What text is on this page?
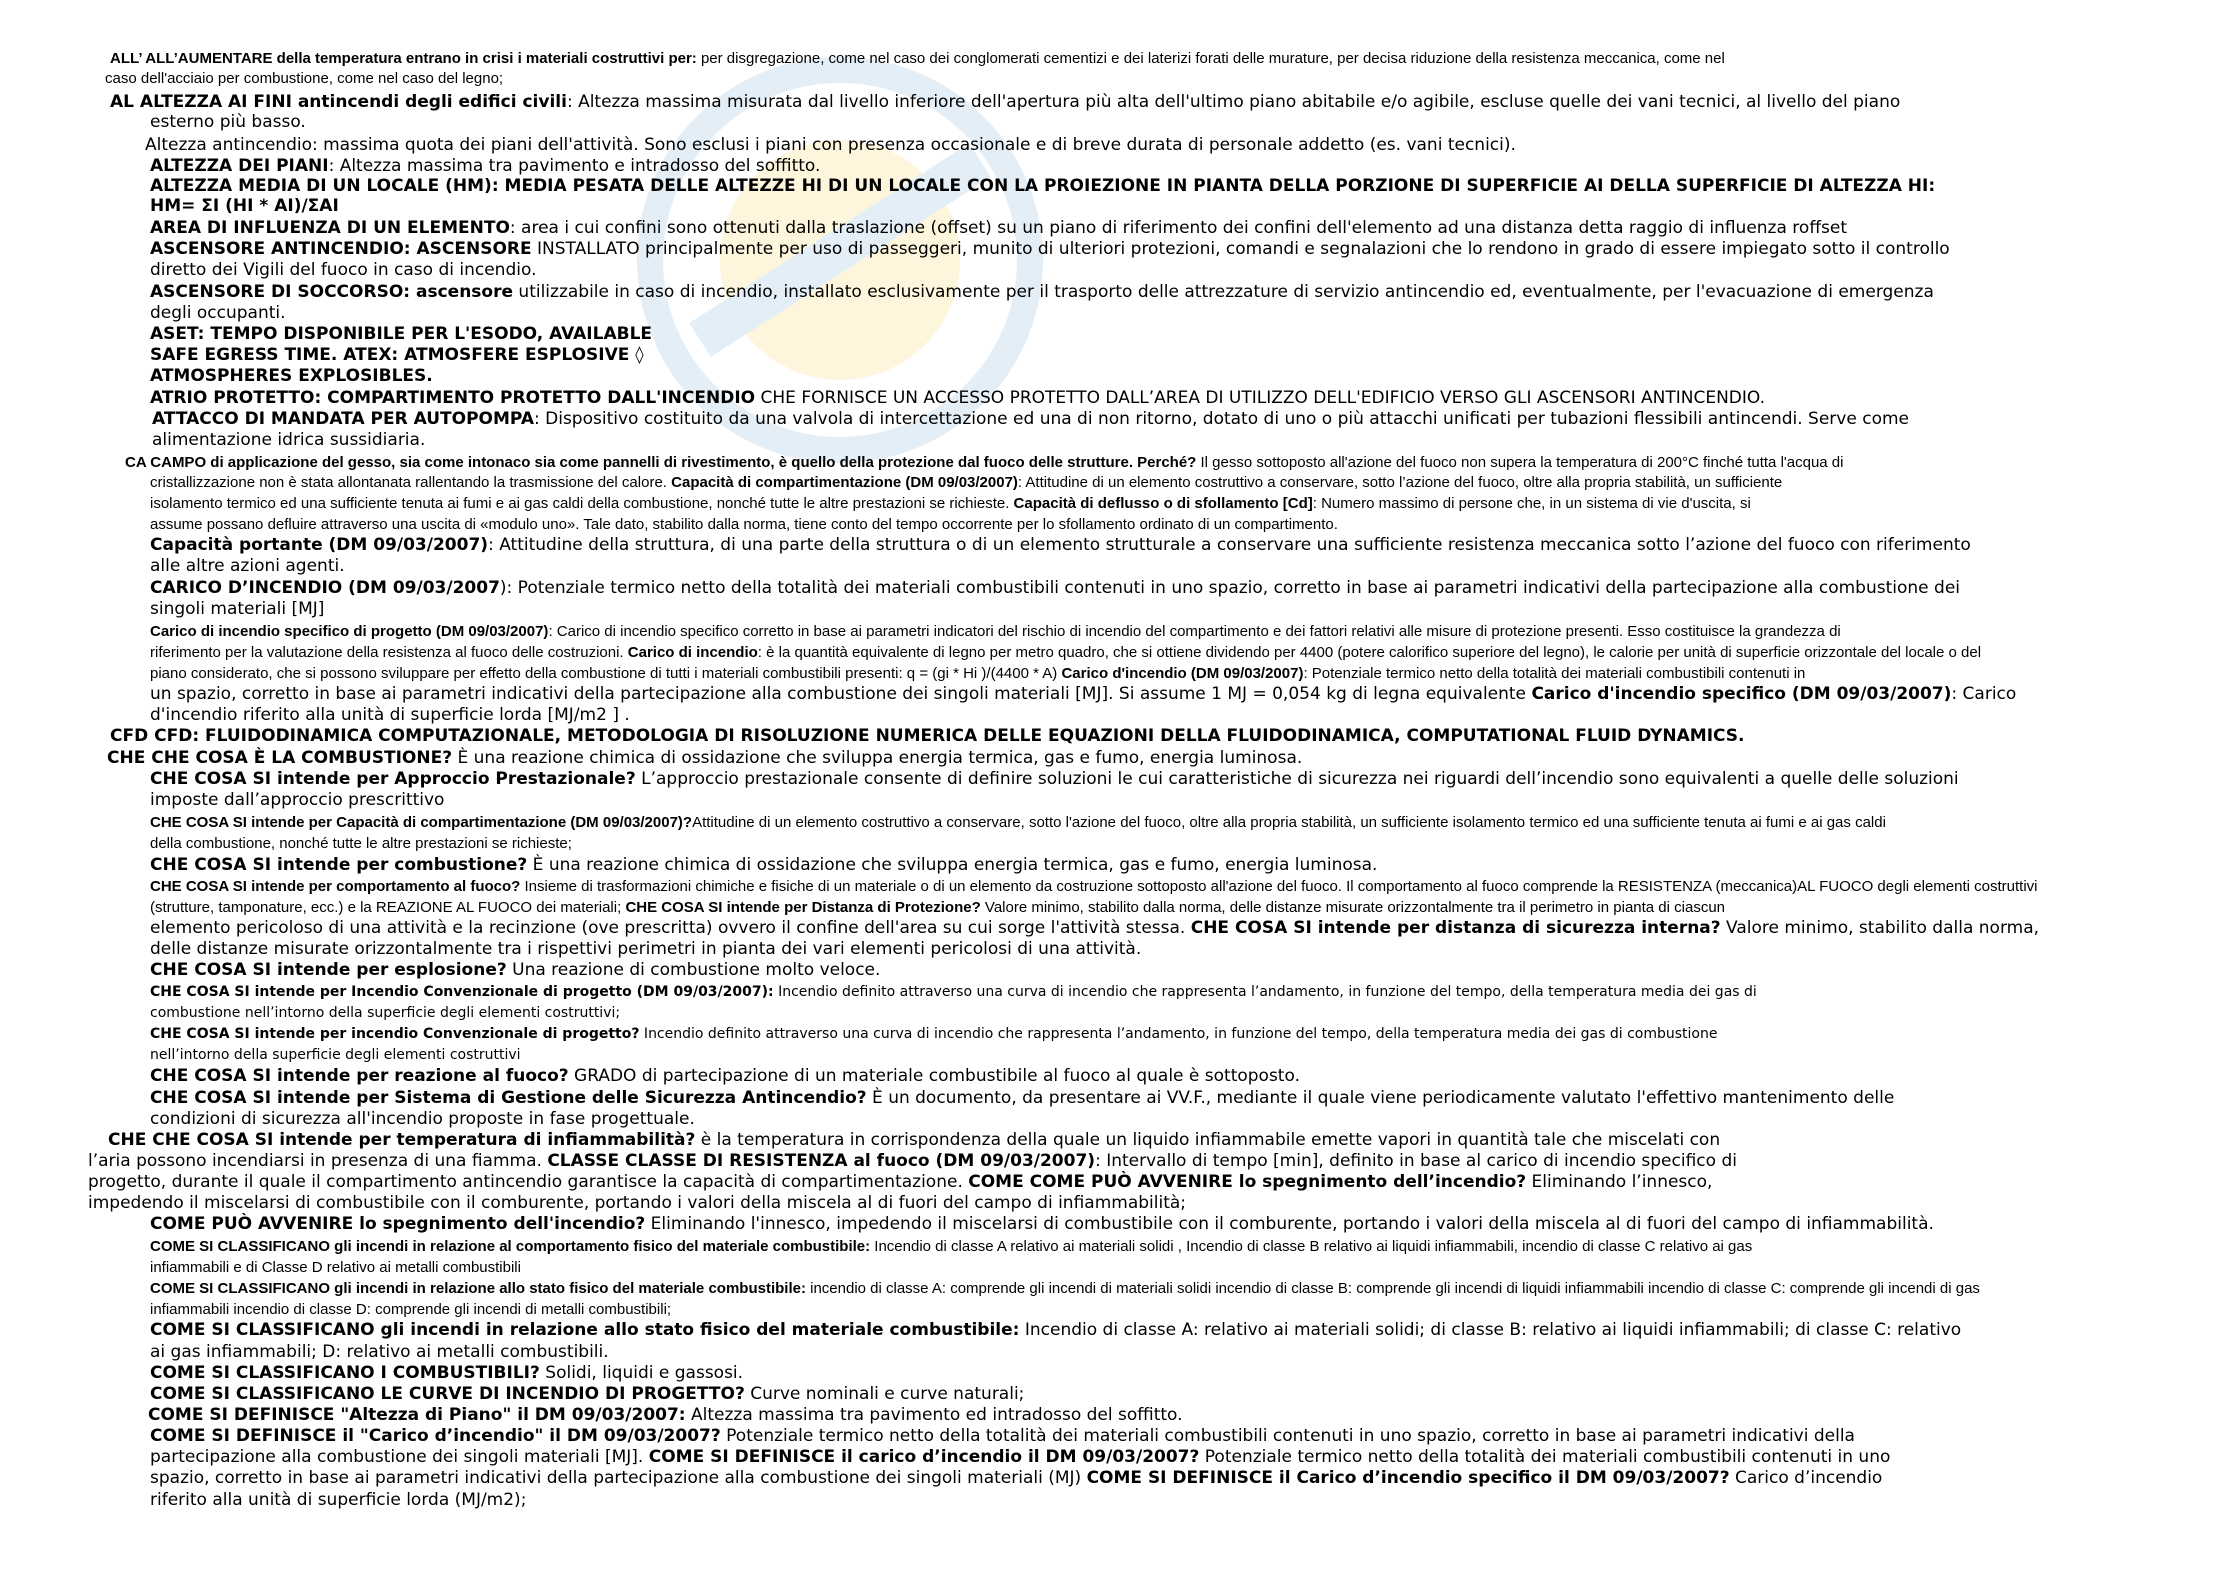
ALL’ ALL’AUMENTARE della temperatura entrano in crisi i materiali costruttivi per: per disgregazione, come nel caso dei conglomerati cementizi e dei laterizi forati delle murature, per decisa riduzione della resistenza meccanica, come nel
caso dell'acciaio per combustione, come nel caso del legno;
AL ALTEZZA AI FINI antincendi degli edifici civili: Altezza massima misurata dal livello inferiore dell'apertura più alta dell'ultimo piano abitabile e/o agibile, escluse quelle dei vani tecnici, al livello del piano
esterno più basso.
Altezza antincendio: massima quota dei piani dell'attività. Sono esclusi i piani con presenza occasionale e di breve durata di personale addetto (es. vani tecnici).
ALTEZZA DEI PIANI: Altezza massima tra pavimento e intradosso del soffitto.
ALTEZZA MEDIA DI UN LOCALE (HM): MEDIA PESATA DELLE ALTEZZE HI DI UN LOCALE CON LA PROIEZIONE IN PIANTA DELLA PORZIONE DI SUPERFICIE AI DELLA SUPERFICIE DI ALTEZZA HI:
HM= ΣI (HI * AI)/ΣAI
AREA DI INFLUENZA DI UN ELEMENTO: area i cui confini sono ottenuti dalla traslazione (offset) su un piano di riferimento dei confini dell'elemento ad una distanza detta raggio di influenza roffset
ASCENSORE ANTINCENDIO: ASCENSORE INSTALLATO principalmente per uso di passeggeri, munito di ulteriori protezioni, comandi e segnalazioni che lo rendono in grado di essere impiegato sotto il controllo
diretto dei Vigili del fuoco in caso di incendio.
ASCENSORE DI SOCCORSO: ascensore utilizzabile in caso di incendio, installato esclusivamente per il trasporto delle attrezzature di servizio antincendio ed, eventualmente, per l'evacuazione di emergenza
degli occupanti.
ASET: TEMPO DISPONIBILE PER L'ESODO, AVAILABLE
SAFE EGRESS TIME. ATEX: ATMOSFERE ESPLOSIVE ◊
ATMOSPHERES EXPLOSIBLES.
ATRIO PROTETTO: COMPARTIMENTO PROTETTO DALL'INCENDIO CHE FORNISCE UN ACCESSO PROTETTO DALL’AREA DI UTILIZZO DELL'EDIFICIO VERSO GLI ASCENSORI ANTINCENDIO.
ATTACCO DI MANDATA PER AUTOPOMPA: Dispositivo costituito da una valvola di intercettazione ed una di non ritorno, dotato di uno o più attacchi unificati per tubazioni flessibili antincendi. Serve come
alimentazione idrica sussidiaria.
CA CAMPO di applicazione del gesso, sia come intonaco sia come pannelli di rivestimento, è quello della protezione dal fuoco delle strutture. Perché? Il gesso sottoposto all'azione del fuoco non supera la temperatura di 200°C finché tutta l'acqua di
cristallizzazione non è stata allontanata rallentando la trasmissione del calore. Capacità di compartimentazione (DM 09/03/2007): Attitudine di un elemento costruttivo a conservare, sotto l’azione del fuoco, oltre alla propria stabilità, un sufficiente
isolamento termico ed una sufficiente tenuta ai fumi e ai gas caldi della combustione, nonché tutte le altre prestazioni se richieste. Capacità di deflusso o di sfollamento [Cd]: Numero massimo di persone che, in un sistema di vie d'uscita, si
assume possano defluire attraverso una uscita di «modulo uno». Tale dato, stabilito dalla norma, tiene conto del tempo occorrente per lo sfollamento ordinato di un compartimento.
Capacità portante (DM 09/03/2007): Attitudine della struttura, di una parte della struttura o di un elemento strutturale a conservare una sufficiente resistenza meccanica sotto l’azione del fuoco con riferimento
alle altre azioni agenti.
CARICO D’INCENDIO (DM 09/03/2007): Potenziale termico netto della totalità dei materiali combustibili contenuti in uno spazio, corretto in base ai parametri indicativi della partecipazione alla combustione dei
singoli materiali [MJ]
Carico di incendio specifico di progetto (DM 09/03/2007): Carico di incendio specifico corretto in base ai parametri indicatori del rischio di incendio del compartimento e dei fattori relativi alle misure di protezione presenti. Esso costituisce la grandezza di
riferimento per la valutazione della resistenza al fuoco delle costruzioni. Carico di incendio: è la quantità equivalente di legno per metro quadro, che si ottiene dividendo per 4400 (potere calorifico superiore del legno), le calorie per unità di superficie orizzontale del locale o del
piano considerato, che si possono sviluppare per effetto della combustione di tutti i materiali combustibili presenti: q = (gi * Hi )/(4400 * A) Carico d'incendio (DM 09/03/2007): Potenziale termico netto della totalità dei materiali combustibili contenuti in
un spazio, corretto in base ai parametri indicativi della partecipazione alla combustione dei singoli materiali [MJ]. Si assume 1 MJ = 0,054 kg di legna equivalente Carico d'incendio specifico (DM 09/03/2007): Carico
d'incendio riferito alla unità di superficie lorda [MJ/m2 ] .
CFD CFD: FLUIDODINAMICA COMPUTAZIONALE, METODOLOGIA DI RISOLUZIONE NUMERICA DELLE EQUAZIONI DELLA FLUIDODINAMICA, COMPUTATIONAL FLUID DYNAMICS.
CHE CHE COSA È LA COMBUSTIONE? È una reazione chimica di ossidazione che sviluppa energia termica, gas e fumo, energia luminosa.
CHE COSA SI intende per Approccio Prestazionale? L’approccio prestazionale consente di definire soluzioni le cui caratteristiche di sicurezza nei riguardi dell’incendio sono equivalenti a quelle delle soluzioni
imposte dall’approccio prescrittivo
CHE COSA SI intende per Capacità di compartimentazione (DM 09/03/2007)?Attitudine di un elemento costruttivo a conservare, sotto l'azione del fuoco, oltre alla propria stabilità, un sufficiente isolamento termico ed una sufficiente tenuta ai fumi e ai gas caldi
della combustione, nonché tutte le altre prestazioni se richieste;
CHE COSA SI intende per combustione? È una reazione chimica di ossidazione che sviluppa energia termica, gas e fumo, energia luminosa.
CHE COSA SI intende per comportamento al fuoco? Insieme di trasformazioni chimiche e fisiche di un materiale o di un elemento da costruzione sottoposto all'azione del fuoco. Il comportamento al fuoco comprende la RESISTENZA (meccanica)AL FUOCO degli elementi costruttivi
(strutture, tamponature, ecc.) e la REAZIONE AL FUOCO dei materiali; CHE COSA SI intende per Distanza di Protezione? Valore minimo, stabilito dalla norma, delle distanze misurate orizzontalmente tra il perimetro in pianta di ciascun
elemento pericoloso di una attività e la recinzione (ove prescritta) ovvero il confine dell'area su cui sorge l'attività stessa. CHE COSA SI intende per distanza di sicurezza interna? Valore minimo, stabilito dalla norma,
delle distanze misurate orizzontalmente tra i rispettivi perimetri in pianta dei vari elementi pericolosi di una attività.
CHE COSA SI intende per esplosione? Una reazione di combustione molto veloce.
CHE COSA SI intende per Incendio Convenzionale di progetto (DM 09/03/2007): Incendio definito attraverso una curva di incendio che rappresenta l’andamento, in funzione del tempo, della temperatura media dei gas di
combustione nell’intorno della superficie degli elementi costruttivi;
CHE COSA SI intende per incendio Convenzionale di progetto? Incendio definito attraverso una curva di incendio che rappresenta l’andamento, in funzione del tempo, della temperatura media dei gas di combustione
nell’intorno della superficie degli elementi costruttivi
CHE COSA SI intende per reazione al fuoco? GRADO di partecipazione di un materiale combustibile al fuoco al quale è sottoposto.
CHE COSA SI intende per Sistema di Gestione delle Sicurezza Antincendio? È un documento, da presentare ai VV.F., mediante il quale viene periodicamente valutato l'effettivo mantenimento delle
condizioni di sicurezza all'incendio proposte in fase progettuale.
CHE CHE COSA SI intende per temperatura di infiammabilità? è la temperatura in corrispondenza della quale un liquido infiammabile emette vapori in quantità tale che miscelati con
l’aria possono incendiarsi in presenza di una fiamma. CLASSE CLASSE DI RESISTENZA al fuoco (DM 09/03/2007): Intervallo di tempo [min], definito in base al carico di incendio specifico di
progetto, durante il quale il compartimento antincendio garantisce la capacità di compartimentazione. COME COME PUÒ AVVENIRE lo spegnimento dell’incendio? Eliminando l’innesco,
impedendo il miscelarsi di combustibile con il comburente, portando i valori della miscela al di fuori del campo di infiammabilità;
COME PUÒ AVVENIRE lo spegnimento dell'incendio? Eliminando l'innesco, impedendo il miscelarsi di combustibile con il comburente, portando i valori della miscela al di fuori del campo di infiammabilità.
COME SI CLASSIFICANO gli incendi in relazione al comportamento fisico del materiale combustibile: Incendio di classe A relativo ai materiali solidi , Incendio di classe B relativo ai liquidi infiammabili, incendio di classe C relativo ai gas
infiammabili e di Classe D relativo ai metalli combustibili
COME SI CLASSIFICANO gli incendi in relazione allo stato fisico del materiale combustibile: incendio di classe A: comprende gli incendi di materiali solidi incendio di classe B: comprende gli incendi di liquidi infiammabili incendio di classe C: comprende gli incendi di gas
infiammabili incendio di classe D: comprende gli incendi di metalli combustibili;
COME SI CLASSIFICANO gli incendi in relazione allo stato fisico del materiale combustibile: Incendio di classe A: relativo ai materiali solidi; di classe B: relativo ai liquidi infiammabili; di classe C: relativo
ai gas infiammabili; D: relativo ai metalli combustibili.
COME SI CLASSIFICANO I COMBUSTIBILI? Solidi, liquidi e gassosi.
COME SI CLASSIFICANO LE CURVE DI INCENDIO DI PROGETTO? Curve nominali e curve naturali;
COME SI DEFINISCE "Altezza di Piano" il DM 09/03/2007: Altezza massima tra pavimento ed intradosso del soffitto.
COME SI DEFINISCE il "Carico d’incendio" il DM 09/03/2007? Potenziale termico netto della totalità dei materiali combustibili contenuti in uno spazio, corretto in base ai parametri indicativi della
partecipazione alla combustione dei singoli materiali [MJ]. COME SI DEFINISCE il carico d’incendio il DM 09/03/2007? Potenziale termico netto della totalità dei materiali combustibili contenuti in uno
spazio, corretto in base ai parametri indicativi della partecipazione alla combustione dei singoli materiali (MJ) COME SI DEFINISCE il Carico d’incendio specifico il DM 09/03/2007? Carico d’incendio
riferito alla unità di superficie lorda (MJ/m2);
